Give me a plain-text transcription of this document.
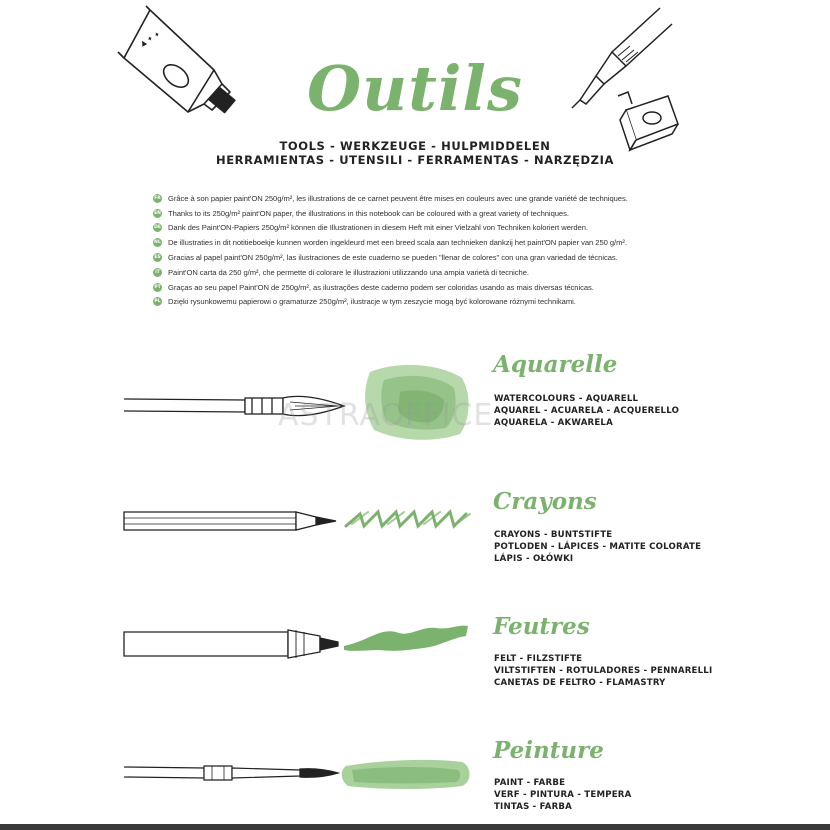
▲ ✦ ✦
Outils
TOOLS - WERKZEUGE - HULPMIDDELEN
HERRAMIENTAS - UTENSILI - FERRAMENTAS - NARZĘDZIA
FR Grâce à son papier paint'ON 250g/m², les illustrations de ce carnet peuvent être mises en couleurs avec une grande variété de techniques.
EN Thanks to its 250g/m² paint'ON paper, the illustrations in this notebook can be coloured with a great variety of techniques.
DE Dank des Paint'ON-Papiers 250g/m² können die Illustrationen in diesem Heft mit einer Vielzahl von Techniken koloriert werden.
NL De illustraties in dit notitieboekje kunnen worden ingekleurd met een breed scala aan technieken dankzij het paint'ON papier van 250 g/m².
ES Gracias al papel paint'ON 250g/m², las ilustraciones de este cuaderno se pueden "llenar de colores" con una gran variedad de técnicas.
IT Paint'ON carta da 250 g/m², che permette di colorare le illustrazioni utilizzando una ampia varietà di tecniche.
PT Graças ao seu papel Paint'ON de 250g/m², as ilustrações deste caderno podem ser coloridas usando as mais diversas técnicas.
PL Dzięki rysunkowemu papierowi o gramaturze 250g/m², ilustracje w tym zeszycie mogą być kolorowane różnymi technikami.
Aquarelle
WATERCOLOURS - AQUARELL
AQUAREL - ACUARELA - ACQUERELLO
AQUARELA - AKWARELA
Crayons
CRAYONS - BUNTSTIFTE
POTLODEN - LÁPICES - MATITE COLORATE
LÁPIS - OŁÓWKI
Feutres
FELT - FILZSTIFTE
VILTSTIFTEN - ROTULADORES - PENNARELLI
CANETAS DE FELTRO - FLAMASTRY
Peinture
PAINT - FARBE
VERF - PINTURA - TEMPERA
TINTAS - FARBA
ASTRAOFFICE
